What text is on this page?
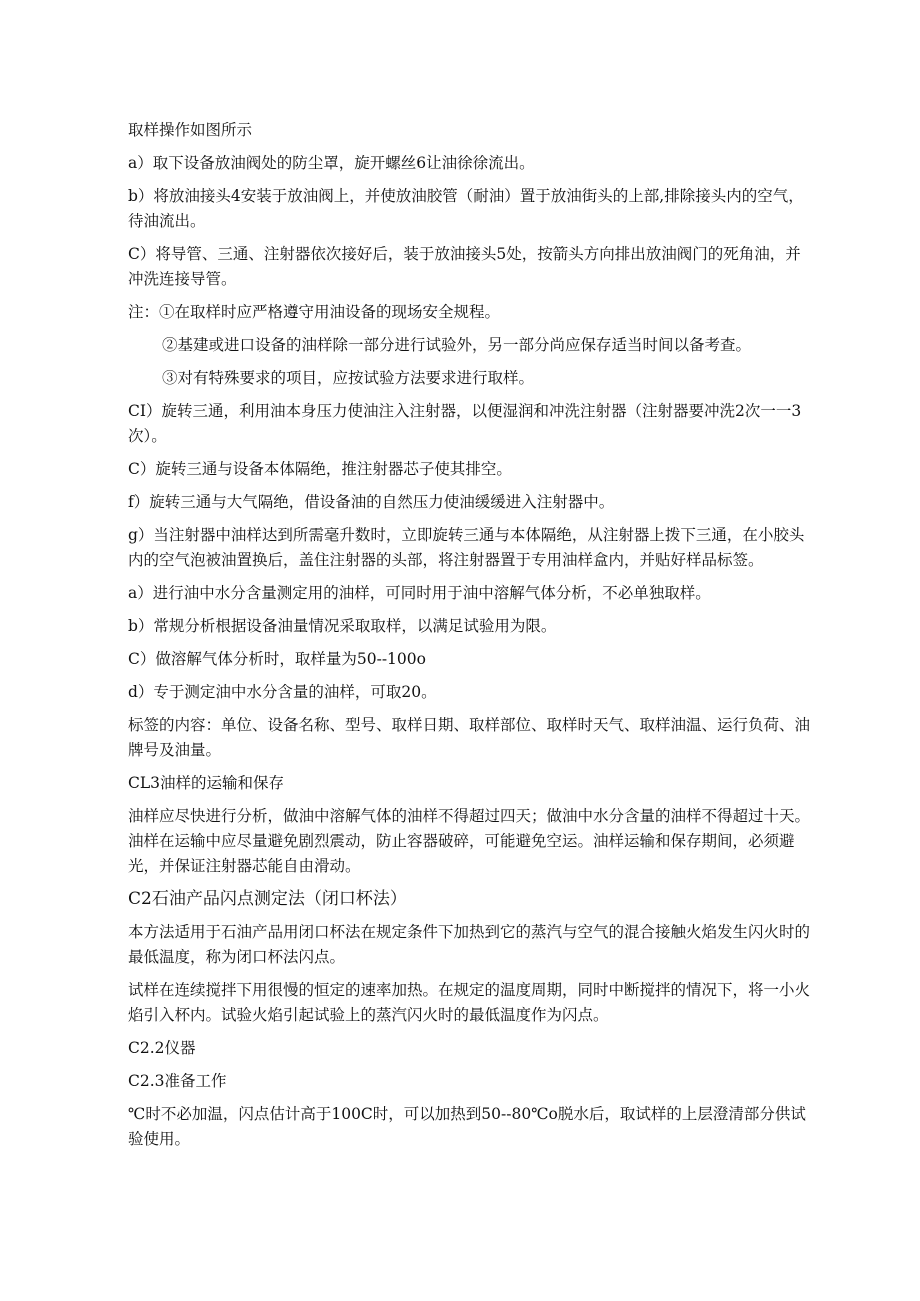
取样操作如图所示

a）取下设备放油阀处的防尘罩，旋开螺丝6让油徐徐流出。

b）将放油接头4安装于放油阀上，并使放油胶管（耐油）置于放油街头的上部,排除接头内的空气，待油流出。

C）将导管、三通、注射器依次接好后，装于放油接头5处，按箭头方向排出放油阀门的死角油，并冲洗连接导管。

注：①在取样时应严格遵守用油设备的现场安全规程。

②基建或进口设备的油样除一部分进行试验外，另一部分尚应保存适当时间以备考查。

③对有特殊要求的项目，应按试验方法要求进行取样。

CI）旋转三通，利用油本身压力使油注入注射器，以便湿润和冲洗注射器（注射器要冲洗2次一一3次）。

C）旋转三通与设备本体隔绝，推注射器芯子使其排空。

f）旋转三通与大气隔绝，借设备油的自然压力使油缓缓进入注射器中。

g）当注射器中油样达到所需毫升数时，立即旋转三通与本体隔绝，从注射器上拨下三通，在小胶头内的空气泡被油置换后，盖住注射器的头部，将注射器置于专用油样盒内，并贴好样品标签。

a）进行油中水分含量测定用的油样，可同时用于油中溶解气体分析，不必单独取样。

b）常规分析根据设备油量情况采取取样，以满足试验用为限。

C）做溶解气体分析时，取样量为50--100o

d）专于测定油中水分含量的油样，可取20。

标签的内容：单位、设备名称、型号、取样日期、取样部位、取样时天气、取样油温、运行负荷、油牌号及油量。

CL3油样的运输和保存

油样应尽快进行分析，做油中溶解气体的油样不得超过四天；做油中水分含量的油样不得超过十天。油样在运输中应尽量避免剧烈震动，防止容器破碎，可能避免空运。油样运输和保存期间，必须避光，并保证注射器芯能自由滑动。

C2石油产品闪点测定法（闭口杯法）

本方法适用于石油产品用闭口杯法在规定条件下加热到它的蒸汽与空气的混合接触火焰发生闪火时的最低温度，称为闭口杯法闪点。

试样在连续搅拌下用很慢的恒定的速率加热。在规定的温度周期，同时中断搅拌的情况下，将一小火焰引入杯内。试验火焰引起试验上的蒸汽闪火时的最低温度作为闪点。

C2.2仪器

C2.3准备工作

℃时不必加温，闪点估计高于100C时，可以加热到50--80℃o脱水后，取试样的上层澄清部分供试验使用。
